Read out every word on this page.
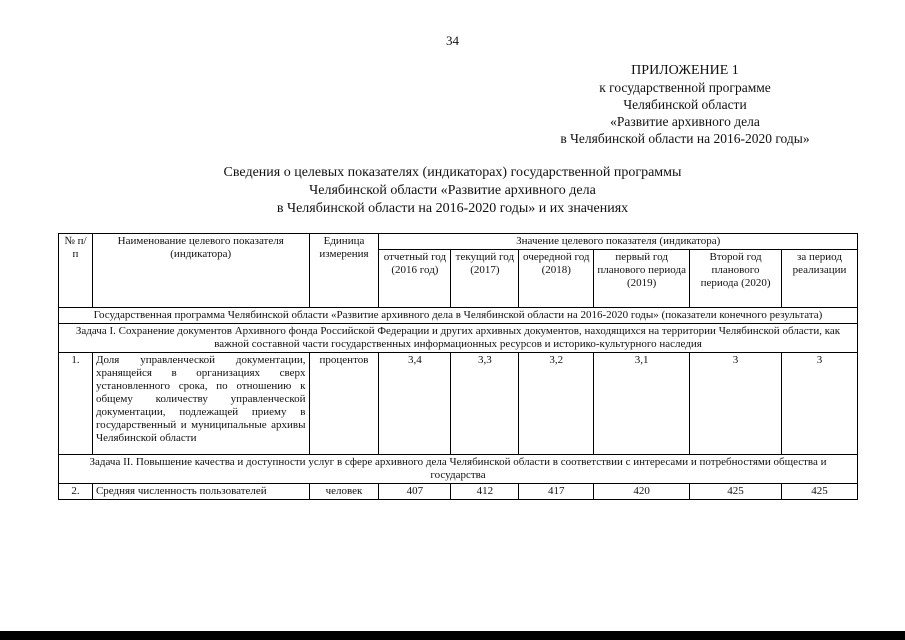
34
ПРИЛОЖЕНИЕ 1
к государственной программе
Челябинской области
«Развитие архивного дела
в Челябинской области на 2016-2020 годы»
Сведения о целевых показателях (индикаторах) государственной программы
Челябинской области «Развитие архивного дела
в Челябинской области на 2016-2020 годы» и их значениях
№ п/п	Наименование целевого показателя (индикатора)	Единица измерения	Значение целевого показателя (индикатора)					
			отчетный год (2016 год)	текущий год (2017)	очередной год (2018)	первый год планового периода (2019)	Второй год планового периода (2020)	за период реализации
Государственная программа Челябинской области «Развитие архивного дела в Челябинской области на 2016-2020 годы» (показатели конечного результата)								
Задача I. Сохранение документов Архивного фонда Российской Федерации и других архивных документов, находящихся на территории Челябинской области, как важной составной части государственных информационных ресурсов и историко-культурного наследия								
1.	Доля управленческой документации, хранящейся в организациях сверх установленного срока, по отношению к общему количеству управленческой документации, подлежащей приему в государственный и муниципальные архивы Челябинской области	процентов	3,4	3,3	3,2	3,1	3	3
Задача II. Повышение качества и доступности услуг в сфере архивного дела Челябинской области в соответствии с интересами и потребностями общества и государства								
2.	Средняя численность пользователей	человек	407	412	417	420	425	425
